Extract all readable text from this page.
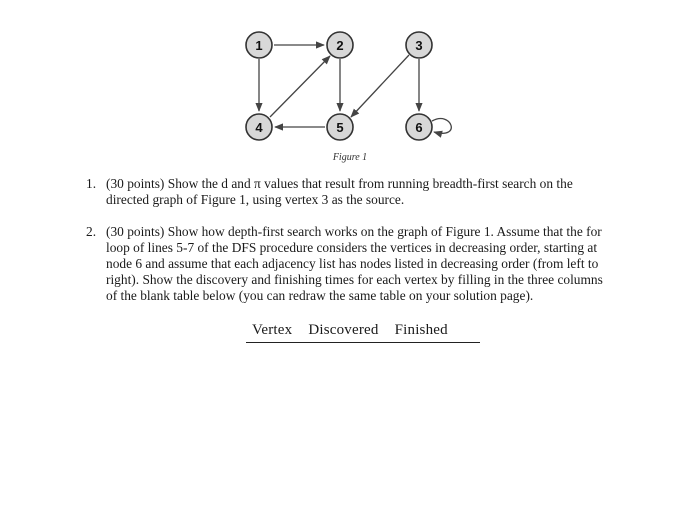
1	2	3
4	5	6
Figure 1
1. (30 points) Show the d and π values that result from running breadth-first search on the directed graph of Figure 1, using vertex 3 as the source.
2. (30 points) Show how depth-first search works on the graph of Figure 1. Assume that the for loop of lines 5-7 of the DFS procedure considers the vertices in decreasing order, starting at node 6 and assume that each adjacency list has nodes listed in decreasing order (from left to right). Show the discovery and finishing times for each vertex by filling in the three columns of the blank table below (you can redraw the same table on your solution page).
Vertex Discovered Finished
